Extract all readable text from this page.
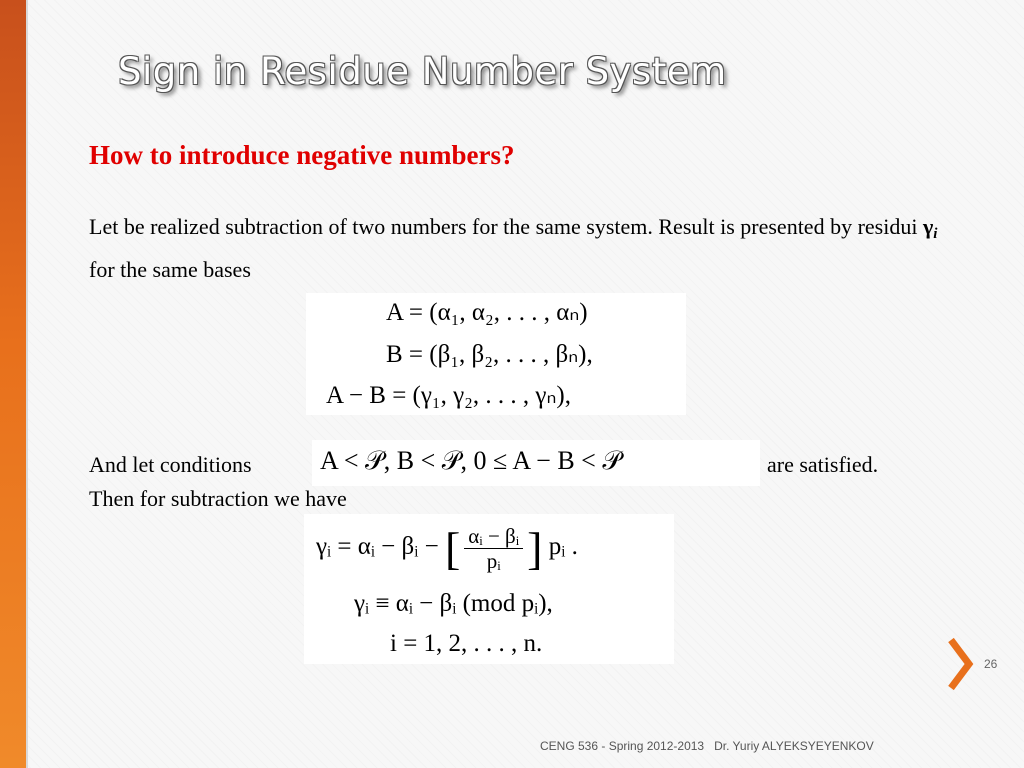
Sign in Residue Number System
How to introduce negative numbers?
Let be realized subtraction of two numbers for the same system. Result is presented by residui $\gamma_i$ for the same bases
A = (α₁, α₂, . . . , αₙ)
B = (β₁, β₂, . . . , βₙ),
A − B = (γ₁, γ₂, . . . , γₙ),
And let conditions	A < 𝒫, B < 𝒫, 0 ≤ A − B < 𝒫	are satisfied.
Then for subtraction we have
γᵢ = αᵢ − βᵢ − [ $\frac{\text{αᵢ − βᵢ}}{\text{pᵢ}}$ ] pᵢ .
γᵢ ≡ αᵢ − βᵢ (mod pᵢ),
i = 1, 2, . . . , n.
26
CENG 536 - Spring 2012-2013 Dr. Yuriy ALYEKSYEYENKOV
